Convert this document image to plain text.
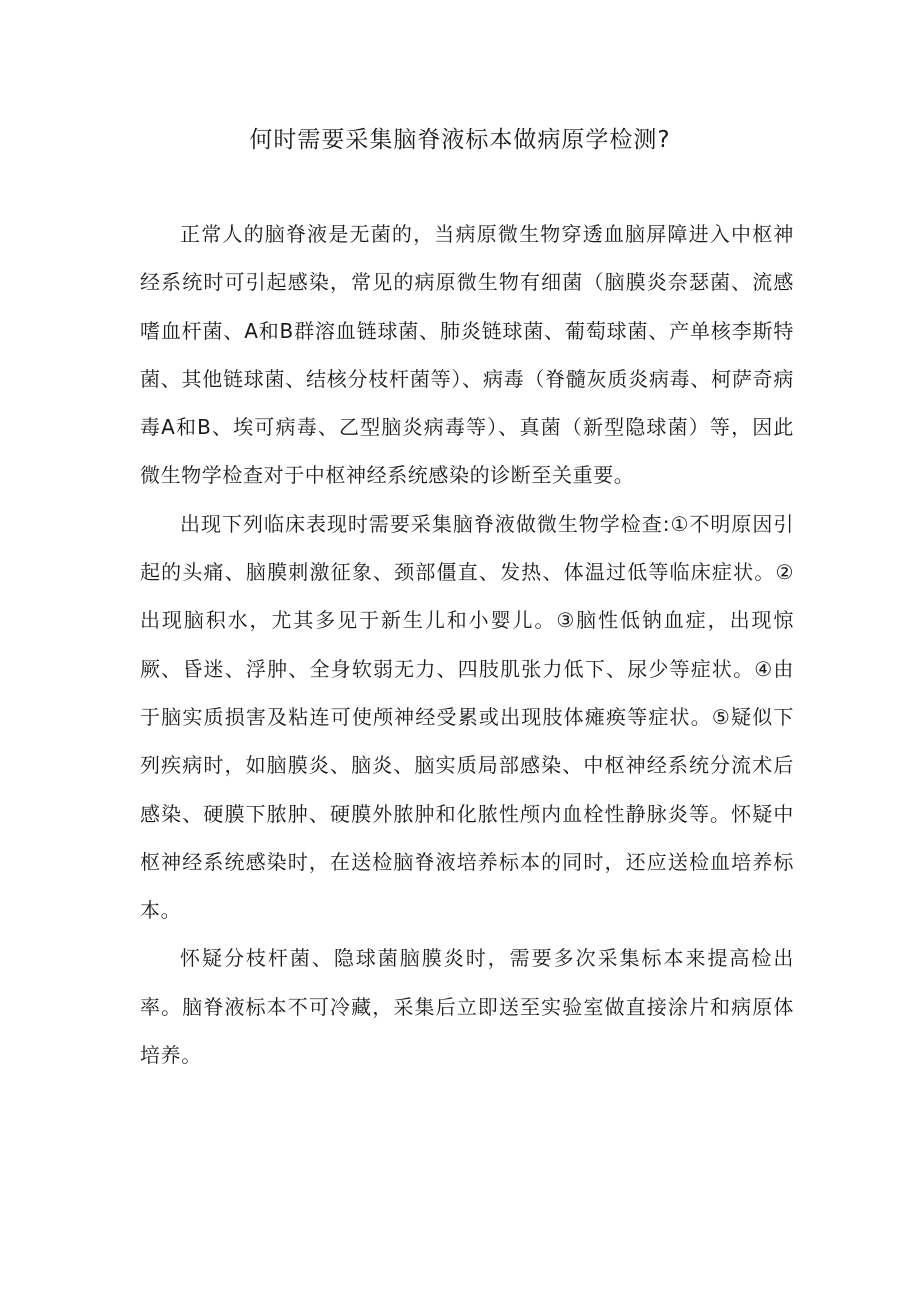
何时需要采集脑脊液标本做病原学检测?

正常人的脑脊液是无菌的，当病原微生物穿透血脑屏障进入中枢神经系统时可引起感染，常见的病原微生物有细菌（脑膜炎奈瑟菌、流感嗜血杆菌、A和B群溶血链球菌、肺炎链球菌、葡萄球菌、产单核李斯特菌、其他链球菌、结核分枝杆菌等）、病毒（脊髓灰质炎病毒、柯萨奇病毒A和B、埃可病毒、乙型脑炎病毒等）、真菌（新型隐球菌）等，因此微生物学检查对于中枢神经系统感染的诊断至关重要。

出现下列临床表现时需要采集脑脊液做微生物学检查:①不明原因引起的头痛、脑膜刺激征象、颈部僵直、发热、体温过低等临床症状。②出现脑积水，尤其多见于新生儿和小婴儿。③脑性低钠血症，出现惊厥、昏迷、浮肿、全身软弱无力、四肢肌张力低下、尿少等症状。④由于脑实质损害及粘连可使颅神经受累或出现肢体瘫痪等症状。⑤疑似下列疾病时，如脑膜炎、脑炎、脑实质局部感染、中枢神经系统分流术后感染、硬膜下脓肿、硬膜外脓肿和化脓性颅内血栓性静脉炎等。怀疑中枢神经系统感染时，在送检脑脊液培养标本的同时，还应送检血培养标本。

怀疑分枝杆菌、隐球菌脑膜炎时，需要多次采集标本来提高检出率。脑脊液标本不可冷藏，采集后立即送至实验室做直接涂片和病原体培养。
